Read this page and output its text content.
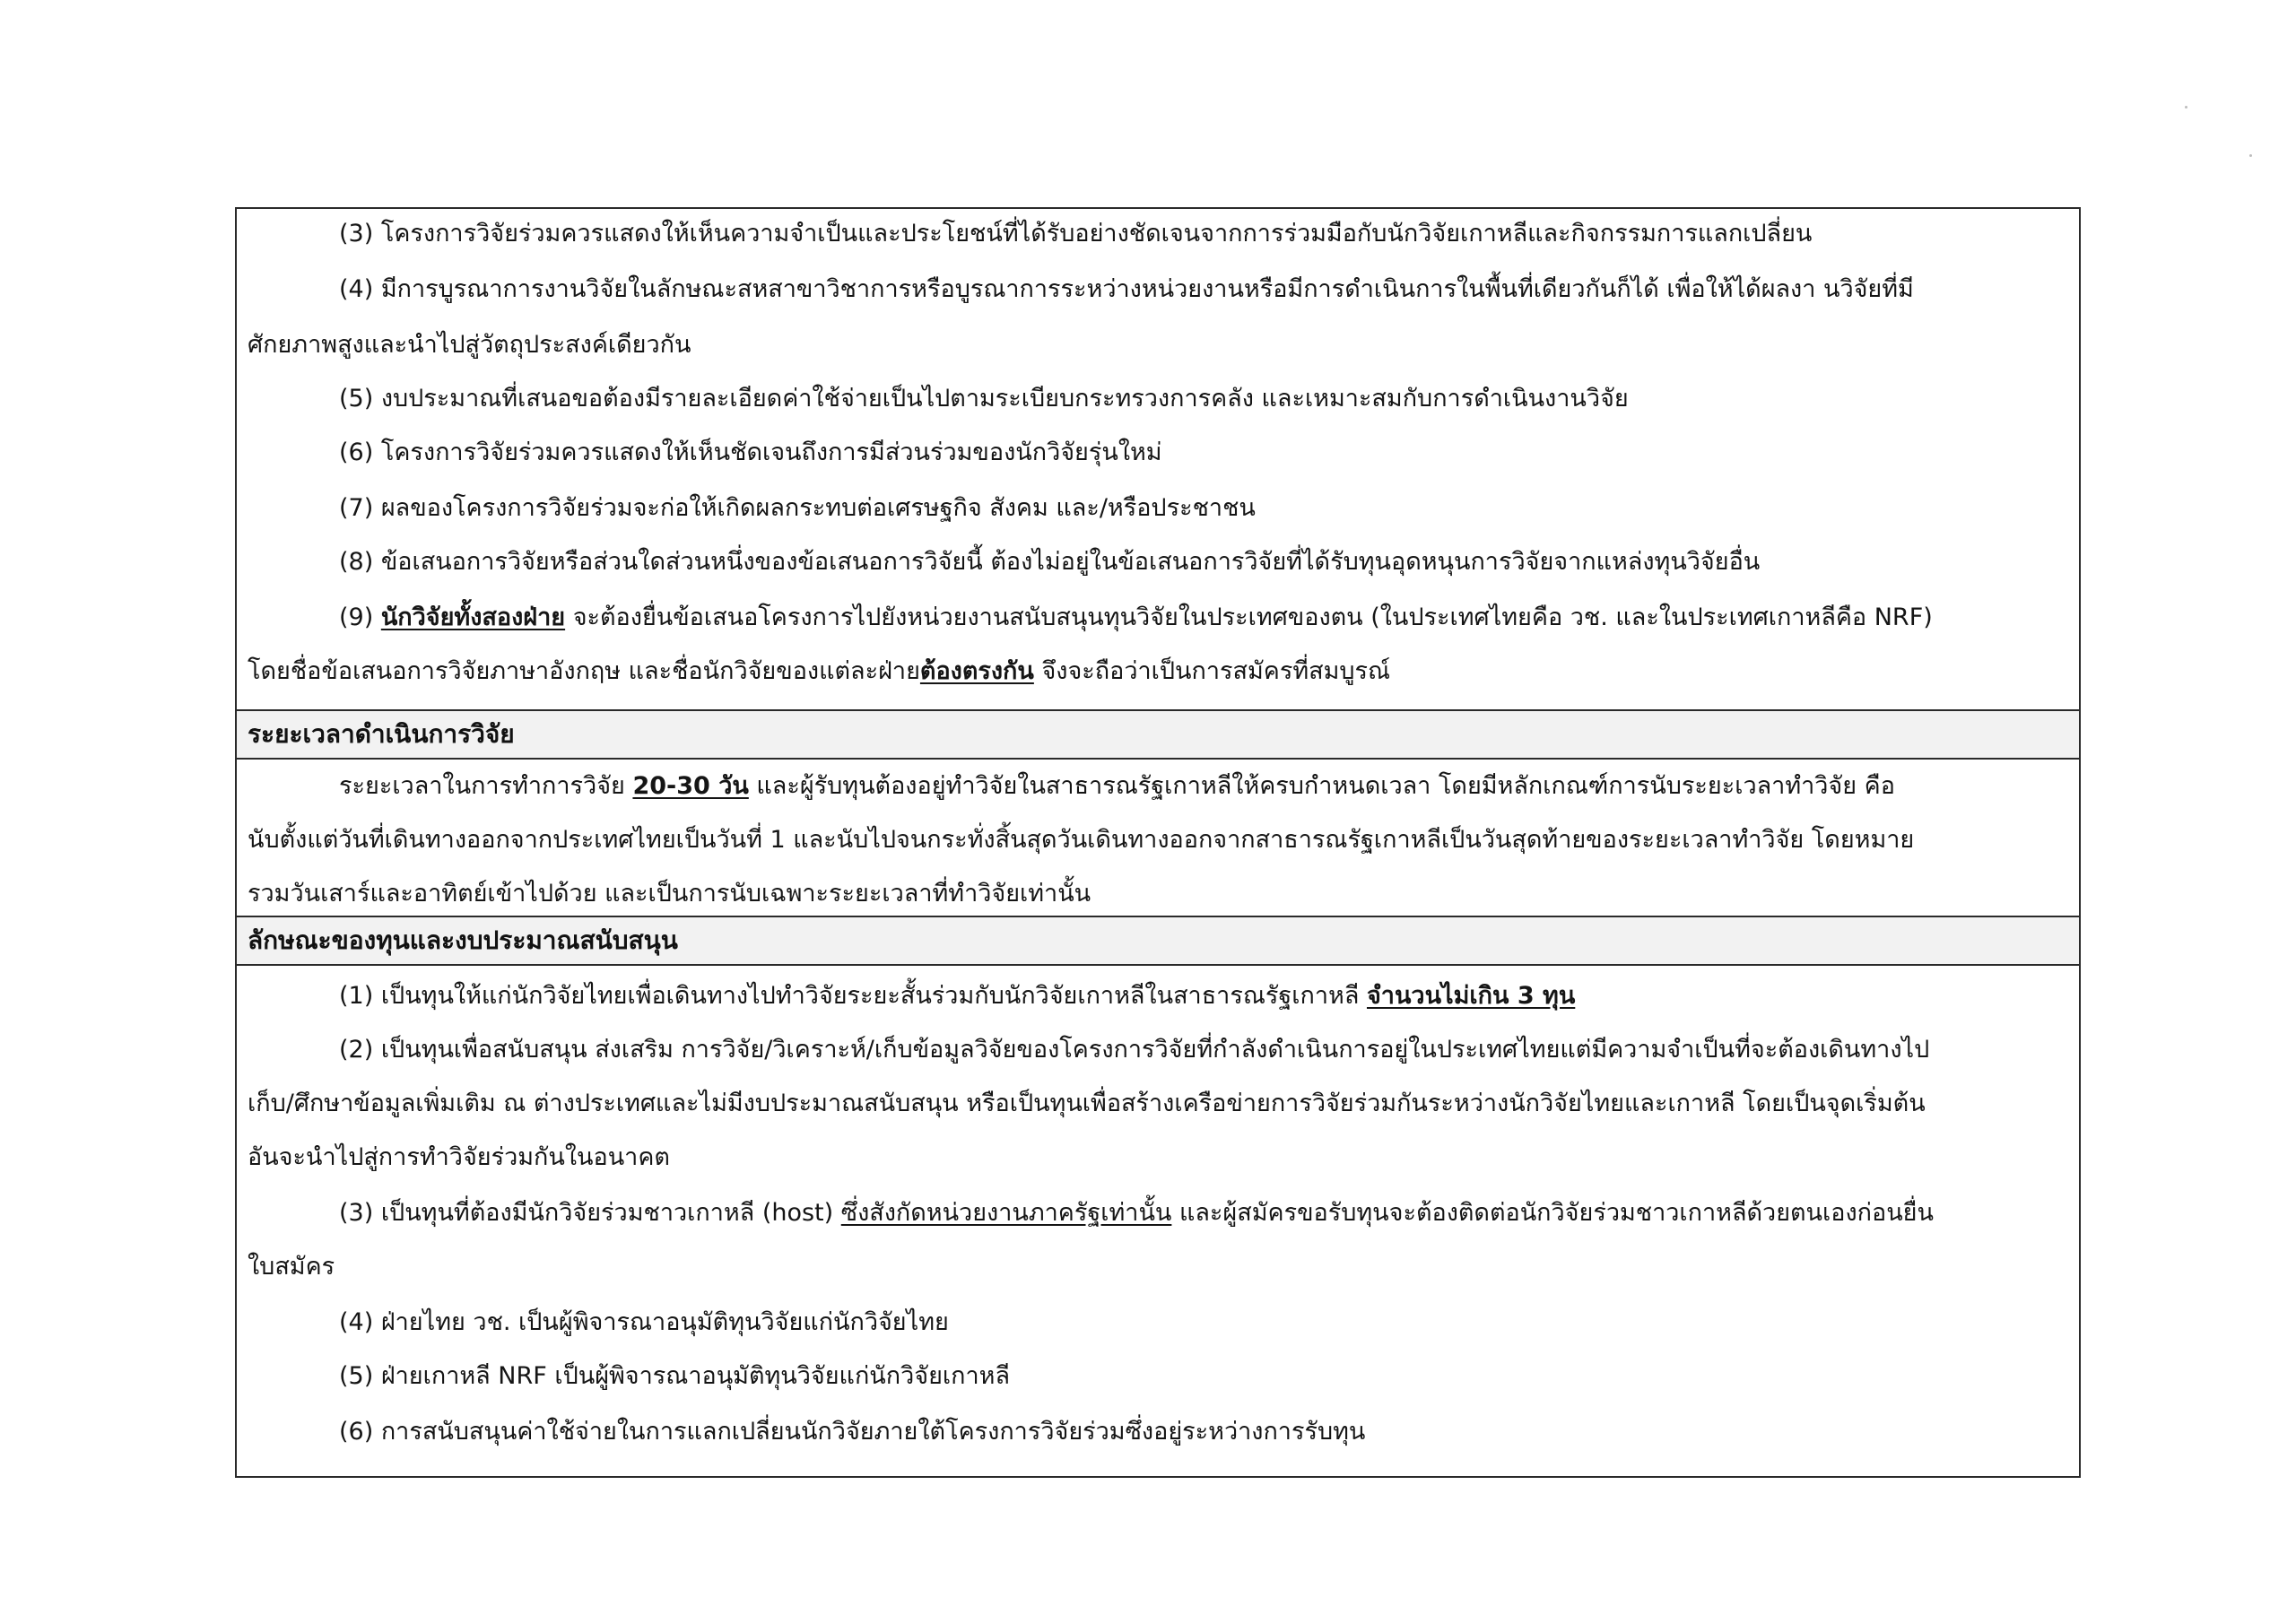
(3) โครงการวิจัยร่วมควรแสดงให้เห็นความจำเป็นและประโยชน์ที่ได้รับอย่างชัดเจนจากการร่วมมือกับนักวิจัยเกาหลีและกิจกรรมการแลกเปลี่ยน
(4) มีการบูรณาการงานวิจัยในลักษณะสหสาขาวิชาการหรือบูรณาการระหว่างหน่วยงานหรือมีการดำเนินการในพื้นที่เดียวกันก็ได้ เพื่อให้ได้ผลงา นวิจัยที่มี
ศักยภาพสูงและนำไปสู่วัตถุประสงค์เดียวกัน
(5) งบประมาณที่เสนอขอต้องมีรายละเอียดค่าใช้จ่ายเป็นไปตามระเบียบกระทรวงการคลัง และเหมาะสมกับการดำเนินงานวิจัย
(6) โครงการวิจัยร่วมควรแสดงให้เห็นชัดเจนถึงการมีส่วนร่วมของนักวิจัยรุ่นใหม่
(7) ผลของโครงการวิจัยร่วมจะก่อให้เกิดผลกระทบต่อเศรษฐกิจ สังคม และ/หรือประชาชน
(8) ข้อเสนอการวิจัยหรือส่วนใดส่วนหนึ่งของข้อเสนอการวิจัยนี้ ต้องไม่อยู่ในข้อเสนอการวิจัยที่ได้รับทุนอุดหนุนการวิจัยจากแหล่งทุนวิจัยอื่น
(9) นักวิจัยทั้งสองฝ่าย จะต้องยื่นข้อเสนอโครงการไปยังหน่วยงานสนับสนุนทุนวิจัยในประเทศของตน (ในประเทศไทยคือ วช. และในประเทศเกาหลีคือ NRF)
โดยชื่อข้อเสนอการวิจัยภาษาอังกฤษ และชื่อนักวิจัยของแต่ละฝ่ายต้องตรงกัน จึงจะถือว่าเป็นการสมัครที่สมบูรณ์
ระยะเวลาดำเนินการวิจัย
ระยะเวลาในการทำการวิจัย 20-30 วัน และผู้รับทุนต้องอยู่ทำวิจัยในสาธารณรัฐเกาหลีให้ครบกำหนดเวลา โดยมีหลักเกณฑ์การนับระยะเวลาทำวิจัย คือ
นับตั้งแต่วันที่เดินทางออกจากประเทศไทยเป็นวันที่ 1 และนับไปจนกระทั่งสิ้นสุดวันเดินทางออกจากสาธารณรัฐเกาหลีเป็นวันสุดท้ายของระยะเวลาทำวิจัย โดยหมาย
รวมวันเสาร์และอาทิตย์เข้าไปด้วย และเป็นการนับเฉพาะระยะเวลาที่ทำวิจัยเท่านั้น
ลักษณะของทุนและงบประมาณสนับสนุน
(1) เป็นทุนให้แก่นักวิจัยไทยเพื่อเดินทางไปทำวิจัยระยะสั้นร่วมกับนักวิจัยเกาหลีในสาธารณรัฐเกาหลี จำนวนไม่เกิน 3 ทุน
(2) เป็นทุนเพื่อสนับสนุน ส่งเสริม การวิจัย/วิเคราะห์/เก็บข้อมูลวิจัยของโครงการวิจัยที่กำลังดำเนินการอยู่ในประเทศไทยแต่มีความจำเป็นที่จะต้องเดินทางไป
เก็บ/ศึกษาข้อมูลเพิ่มเติม ณ ต่างประเทศและไม่มีงบประมาณสนับสนุน หรือเป็นทุนเพื่อสร้างเครือข่ายการวิจัยร่วมกันระหว่างนักวิจัยไทยและเกาหลี โดยเป็นจุดเริ่มต้น
อันจะนำไปสู่การทำวิจัยร่วมกันในอนาคต
(3) เป็นทุนที่ต้องมีนักวิจัยร่วมชาวเกาหลี (host) ซึ่งสังกัดหน่วยงานภาครัฐเท่านั้น และผู้สมัครขอรับทุนจะต้องติดต่อนักวิจัยร่วมชาวเกาหลีด้วยตนเองก่อนยื่น
ใบสมัคร
(4) ฝ่ายไทย วช. เป็นผู้พิจารณาอนุมัติทุนวิจัยแก่นักวิจัยไทย
(5) ฝ่ายเกาหลี NRF เป็นผู้พิจารณาอนุมัติทุนวิจัยแก่นักวิจัยเกาหลี
(6) การสนับสนุนค่าใช้จ่ายในการแลกเปลี่ยนนักวิจัยภายใต้โครงการวิจัยร่วมซึ่งอยู่ระหว่างการรับทุน
